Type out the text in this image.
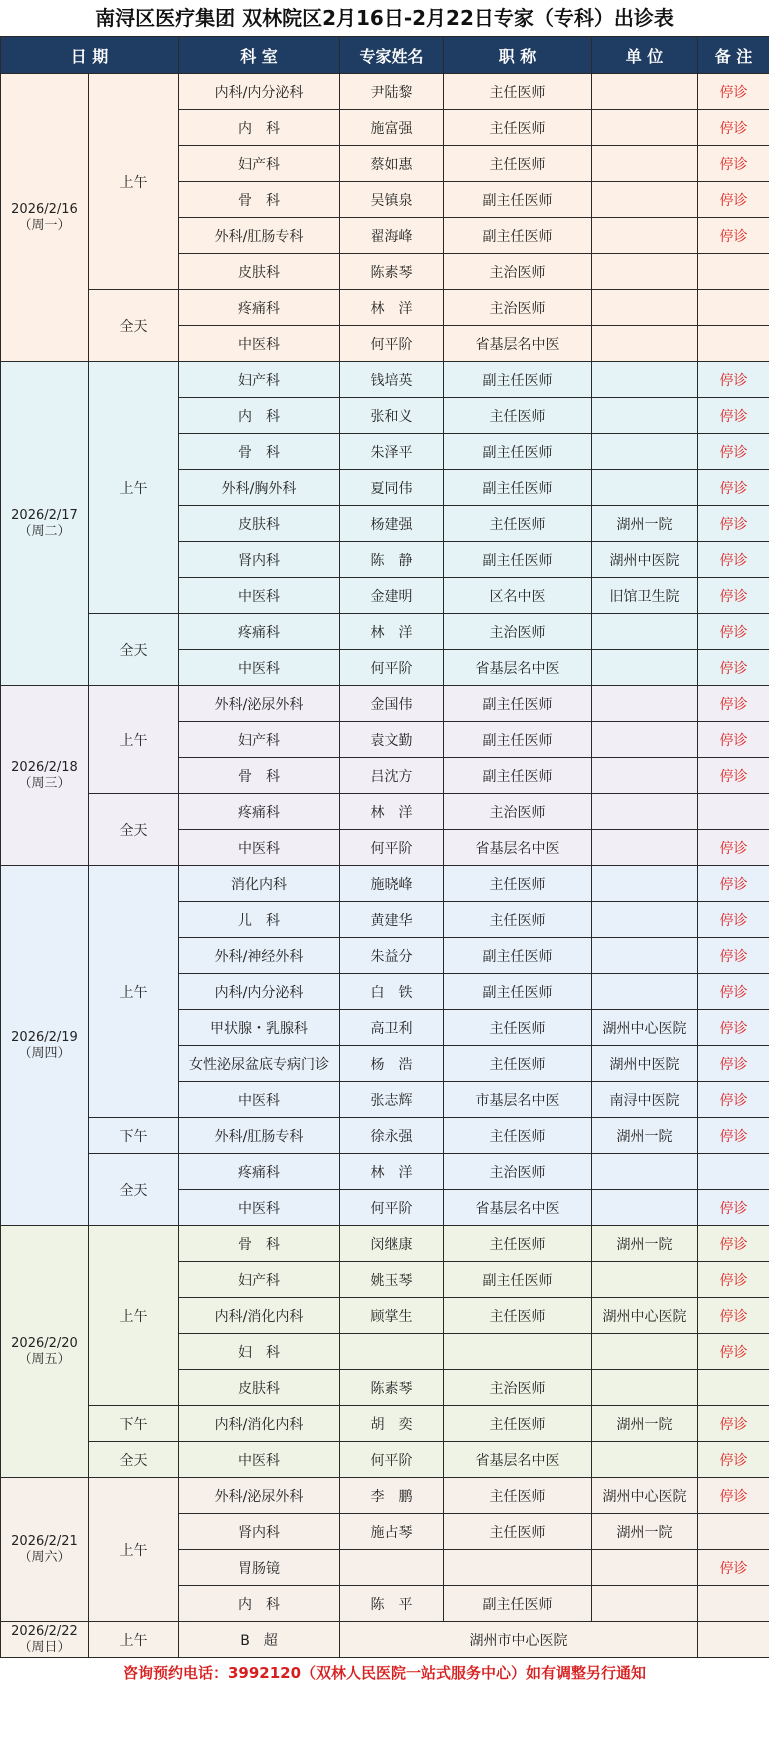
南浔区医疗集团 双林院区2月16日-2月22日专家（专科）出诊表
日 期		科 室	专家姓名	职 称	单 位	备 注

2026/2/16
（周一）	上午	内科/内分泌科	尹陆黎	主任医师		停诊
		内　科	施富强	主任医师		停诊
		妇产科	蔡如惠	主任医师		停诊
		骨　科	吴镇泉	副主任医师		停诊
		外科/肛肠专科	翟海峰	副主任医师		停诊
		皮肤科	陈素琴	主治医师		
	全天	疼痛科	林　洋	主治医师		
		中医科	何平阶	省基层名中医		

2026/2/17
（周二）	上午	妇产科	钱培英	副主任医师		停诊
		内　科	张和义	主任医师		停诊
		骨　科	朱泽平	副主任医师		停诊
		外科/胸外科	夏同伟	副主任医师		停诊
		皮肤科	杨建强	主任医师	湖州一院	停诊
		肾内科	陈　静	副主任医师	湖州中医院	停诊
		中医科	金建明	区名中医	旧馆卫生院	停诊
	全天	疼痛科	林　洋	主治医师		停诊
		中医科	何平阶	省基层名中医		停诊

2026/2/18
（周三）	上午	外科/泌尿外科	金国伟	副主任医师		停诊
		妇产科	袁文勤	副主任医师		停诊
		骨　科	吕沈方	副主任医师		停诊
	全天	疼痛科	林　洋	主治医师		
		中医科	何平阶	省基层名中医		停诊

2026/2/19
（周四）	上午	消化内科	施晓峰	主任医师		停诊
		儿　科	黄建华	主任医师		停诊
		外科/神经外科	朱益分	副主任医师		停诊
		内科/内分泌科	白　铁	副主任医师		停诊
		甲状腺・乳腺科	高卫利	主任医师	湖州中心医院	停诊
		女性泌尿盆底专病门诊	杨　浩	主任医师	湖州中医院	停诊
		中医科	张志辉	市基层名中医	南浔中医院	停诊
	下午	外科/肛肠专科	徐永强	主任医师	湖州一院	停诊
	全天	疼痛科	林　洋	主治医师		
		中医科	何平阶	省基层名中医		停诊

2026/2/20
（周五）	上午	骨　科	闵继康	主任医师	湖州一院	停诊
		妇产科	姚玉琴	副主任医师		停诊
		内科/消化内科	顾掌生	主任医师	湖州中心医院	停诊
		妇　科				停诊
		皮肤科	陈素琴	主治医师		
	下午	内科/消化内科	胡　奕	主任医师	湖州一院	停诊
	全天	中医科	何平阶	省基层名中医		停诊

2026/2/21
（周六）	上午	外科/泌尿外科	李　鹏	主任医师	湖州中心医院	停诊
		肾内科	施占琴	主任医师	湖州一院	
		胃肠镜				停诊
		内　科	陈　平	副主任医师		

2026/2/22
（周日）	上午	B　超	湖州市中心医院			
咨询预约电话：3992120（双林人民医院一站式服务中心）如有调整另行通知
